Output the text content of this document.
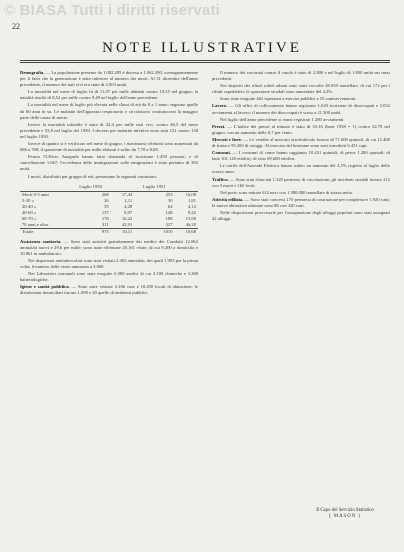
© BIASA Tutti i diritti riservati
22
NOTE ILLUSTRATIVE

Demografia. — La popolazione presente da 1.082.285 è discesa a 1.062.290, conseguentemente per il fatto che la generazione è stata inferiore al numero dei morti. Al 31 dicembre dell'anno precedente, il numero dei nati vivi era stato di 2.003 unità.

La mortalità nel mese di luglio fu di 11,07 per mille abitanti contro 10,55 nel giugno; la natalità risultò di 8,52 per mille contro 9,49 nel luglio dell'anno precedente.

La mortalità nel mese di luglio più elevata nelle classi di età da 0 a 1 anno; seguono quelle da 60 anni in su. Le malattie dell'apparato respiratorio e circolatorio costituiscono la maggior parte delle cause di morte.

Invece la mortalità infantile è stata di 42,4 per mille nati vivi, contro 46,5 del mese precedente e 53,8 nel luglio del 1950. I decessi per malattie infettive sono stati 152 contro 148 nel luglio 1950.

Invece di quanto si è verificato nel mese di giugno, i matrimoni celebrati sono aumentati da 686 a 768; il quoziente di nuzialità per mille abitanti è salito da 7,70 a 8,68.

Fermo l'Ufficio Anagrafe hanno fatto domanda di iscrizione 1.450 persone, e di cancellazione 1.067; l'eccedenza delle immigrazioni sulle emigrazioni è stata pertanto di 383 unità.

I morti, distribuiti per gruppo di età, presentano le seguenti variazioni:

	Luglio 1950		Luglio 1951	
Morti 0-5 anni	268	17,44	253	16,08
5-20 »	26	2,11	30	1,81
20-40 »	55	4,28	64	4,12
40-60 »	137	8,97	148	9,42
60-70 »	178	16,22	188	15,60
70 anni e oltre	311	42,91	327	46,20
Totale	975	10,11	1010	10,68

Assistenza sanitaria. — Sono stati assistiti gratuitamente dai medici dei Condotti 12.062 ammalati nuovi e 29,6 per mille; sono state effettuate 20.161 visite, di cui 9.200 a domicilio e 10.961 in ambulatorio.

Nei dispensari antitubercolari sono stati visitati 2.463 ammalati, dei quali 1.093 per la prima volta; il numero delle visite ammonta a 5.860.

Nei Laboratori comunali sono state eseguite 6.380 analisi di cui 3.100 chimiche e 3.280 batteriologiche.

Igiene e sanità pubblica. — Sono state visitate 2.166 case e 10.450 locali di abitazione; le disinfezioni domiciliari furono 1.090 e 20 quelle di ambienti pubblici.

Il numero dei vaccinati contro il vaiolo è stato di 2.800 e nel luglio di 1.800 unità nei mesi precedenti.

Nei depositi dei rifiuti solidi urbani sono state raccolte 48.650 tonnellate, di cui 172 per i rifiuti ospedalieri; le spazzature stradali sono aumentate del 4,2%.

Sono state eseguite 462 ispezioni a esercizi pubblici e 55 contravvenzioni.

Lavoro. — Gli uffici di collocamento hanno registrato 1.620 iscrizioni di disoccupati e 2.032 avviamenti al lavoro; il numero dei disoccupati è sceso a 21.500 unità.

Nel luglio dell'anno precedente si erano registrati 1.280 avviamenti.

Prezzi. — L'indice dei prezzi al minuto è stato di 53,16 (base 1938 = 1) contro 52,79 nel giugno, con un aumento dello 0,7 per cento.

Mercati e fiere. — Le vendite al mercato ortofrutticolo furono di 71.600 quintali, di cui 12.400 di frutta e 59.200 di ortaggi. Al mercato del bestiame sono stati introdotti 6.451 capi.

Consumi. — I consumi di carne hanno raggiunto 10.431 quintali; di pesce 1.280 quintali; di latte 101.120 ettolitri; di vino 69.600 ettolitri.

Le tariffe dell'Azienda Elettrica hanno subito un aumento del 4,5% rispetto al luglio dello scorso anno.

Traffico. — Sono stati rilasciati 1.320 permessi di circolazione; gli incidenti stradali furono 212 con 3 morti e 160 feriti.

Nel porto sono entrate 612 navi con 1.380.000 tonnellate di stazza netta.

Attività edilizia. — Sono stati concessi 170 permessi di costruzione per complessivi 1.920 vani; le nuove abitazioni ultimate sono 86 con 420 vani.

Nelle disposizioni provvisorie per l'assegnazione degli alloggi popolari sono stati assegnati 42 alloggi.

Il Capo del Servizio Statistico
( MASON )
